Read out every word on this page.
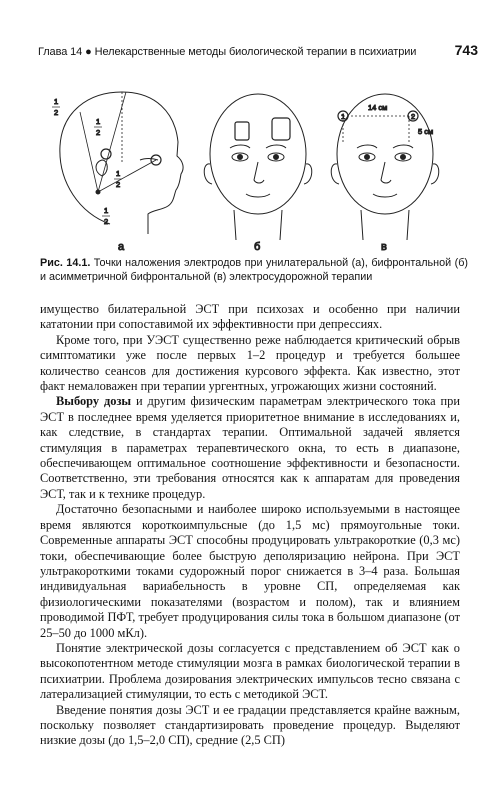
Глава 14 ● Нелекарственные методы биологической терапии в психиатрии	743
1
2
1
2
1
2
1
2
1	2
14 см
5 см
а	б	в
Рис. 14.1. Точки наложения электродов при унилатеральной (а), бифронтальной (б) и асимметричной бифронтальной (в) электросудорожной терапии

имущество билатеральной ЭСТ при психозах и особенно при наличии кататонии при сопоставимой их эффективности при депрессиях.

Кроме того, при УЭСТ существенно реже наблюдается критический обрыв симптоматики уже после первых 1–2 процедур и требуется большее количество сеансов для достижения курсового эффекта. Как известно, этот факт немаловажен при терапии ургентных, угрожающих жизни состояний.

Выбору дозы и другим физическим параметрам электрического тока при ЭСТ в последнее время уделяется приоритетное внимание в исследованиях и, как следствие, в стандартах терапии. Оптимальной задачей является стимуляция в параметрах терапевтического окна, то есть в диапазоне, обеспечивающем оптимальное соотношение эффективности и безопасности. Соответственно, эти требования относятся как к аппаратам для проведения ЭСТ, так и к технике процедур.

Достаточно безопасными и наиболее широко используемыми в настоящее время являются короткоимпульсные (до 1,5 мс) прямоугольные токи. Современные аппараты ЭСТ способны продуцировать ультракороткие (0,3 мс) токи, обеспечивающие более быструю деполяризацию нейрона. При ЭСТ ультракороткими токами судорожный порог снижается в 3–4 раза. Большая индивидуальная вариабельность в уровне СП, определяемая как физиологическими показателями (возрастом и полом), так и влиянием проводимой ПФТ, требует продуцирования силы тока в большом диапазоне (от 25–50 до 1000 мКл).

Понятие электрической дозы согласуется с представлением об ЭСТ как о высокопотентном методе стимуляции мозга в рамках биологической терапии в психиатрии. Проблема дозирования электрических импульсов тесно связана с латерализацией стимуляции, то есть с методикой ЭСТ.

Введение понятия дозы ЭСТ и ее градации представляется крайне важным, поскольку позволяет стандартизировать проведение процедур. Выделяют низкие дозы (до 1,5–2,0 СП), средние (2,5 СП)
